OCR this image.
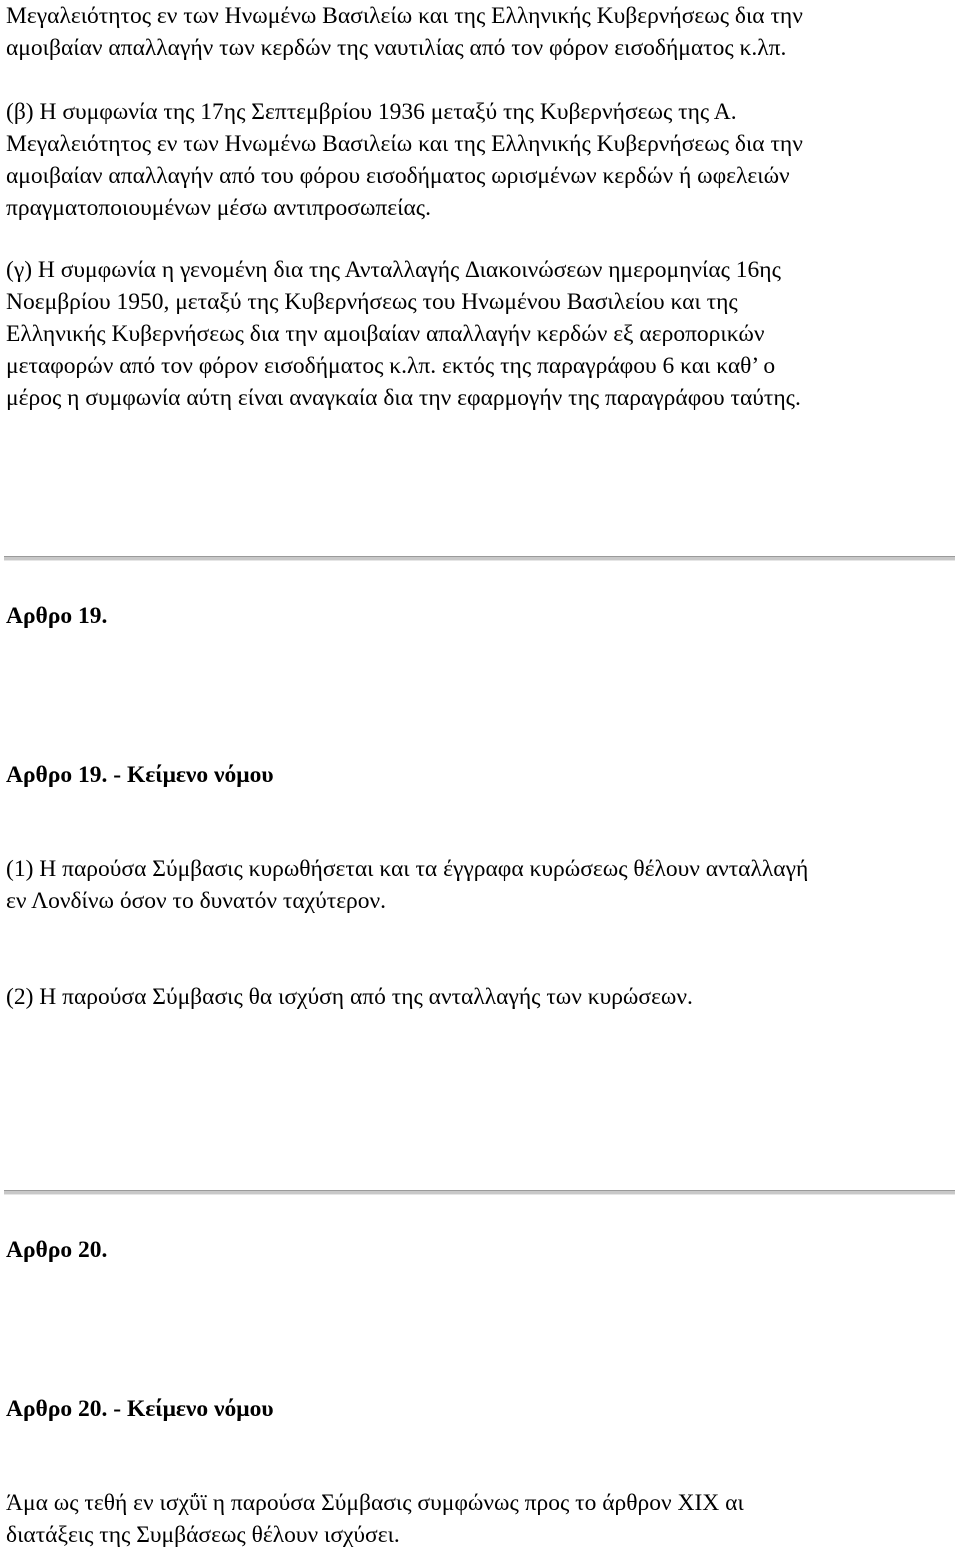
Μεγαλειότητος εν των Ηνωμένω Βασιλείω και της Ελληνικής Κυβερνήσεως δια την
αμοιβαίαν απαλλαγήν των κερδών της ναυτιλίας από τον φόρον εισοδήματος κ.λπ.

(β) Η συμφωνία της 17ης Σεπτεμβρίου 1936 μεταξύ της Κυβερνήσεως της Α.
Μεγαλειότητος εν των Ηνωμένω Βασιλείω και της Ελληνικής Κυβερνήσεως δια την
αμοιβαίαν απαλλαγήν από του φόρου εισοδήματος ωρισμένων κερδών ή ωφελειών
πραγματοποιουμένων μέσω αντιπροσωπείας.

(γ) Η συμφωνία η γενομένη δια της Ανταλλαγής ∆ιακοινώσεων ημερομηνίας 16ης
Νοεμβρίου 1950, μεταξύ της Κυβερνήσεως του Ηνωμένου Βασιλείου και της
Ελληνικής Κυβερνήσεως δια την αμοιβαίαν απαλλαγήν κερδών εξ αεροπορικών
μεταφορών από τον φόρον εισοδήματος κ.λπ. εκτός της παραγράφου 6 και καθ’ ο
μέρος η συμφωνία αύτη είναι αναγκαία δια την εφαρμογήν της παραγράφου ταύτης.

Αρθρο 19.
Αρθρο 19. - Κείμενο νόμου

(1) Η παρούσα Σύμβασις κυρωθήσεται και τα έγγραφα κυρώσεως θέλουν ανταλλαγή
εν Λονδίνω όσον το δυνατόν ταχύτερον.

(2) Η παρούσα Σύμβασις θα ισχύση από της ανταλλαγής των κυρώσεων.

Αρθρο 20.
Αρθρο 20. - Κείμενο νόμου

Άμα ως τεθή εν ισχΰϊ η παρούσα Σύμβασις συμφώνως προς το άρθρον ΧΙΧ αι
διατάξεις της Συμβάσεως θέλουν ισχύσει.
